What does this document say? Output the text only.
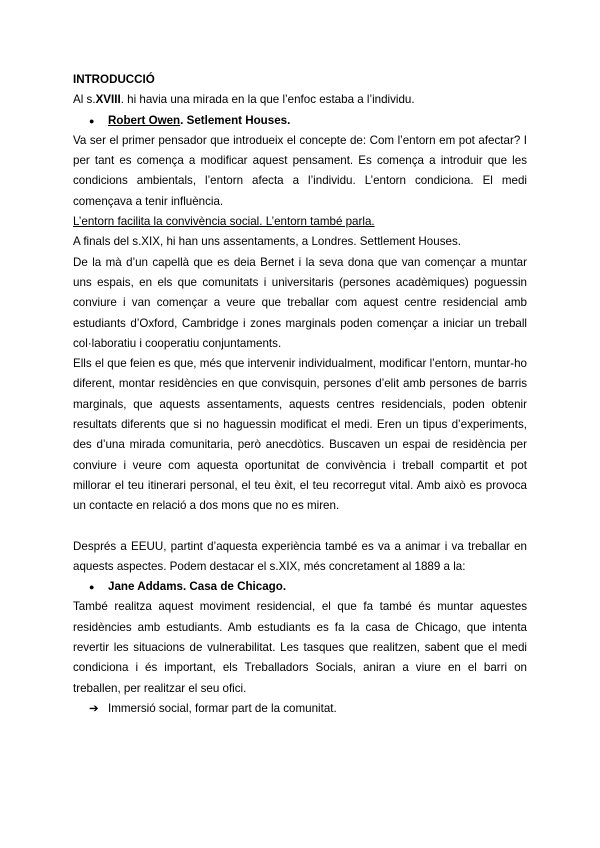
INTRODUCCIÓ

Al s.XVIII. hi havia una mirada en la que l’enfoc estaba a l’individu.

● Robert Owen. Setlement Houses.

Va ser el primer pensador que introdueix el concepte de: Com l’entorn em pot afectar? I per tant es comença a modificar aquest pensament. Es comença a introduir que les condicions ambientals, l’entorn afecta a l’individu. L’entorn condiciona. El medi començava a tenir influència.

L’entorn facilita la convivència social. L’entorn també parla.

A finals del s.XIX, hi han uns assentaments, a Londres. Settlement Houses.

De la mà d’un capellà que es deia Bernet i la seva dona que van començar a muntar uns espais, en els que comunitats i universitaris (persones acadèmiques) poguessin conviure i van començar a veure que treballar com aquest centre residencial amb estudiants d’Oxford, Cambridge i zones marginals poden començar a iniciar un treball col·laboratiu i cooperatiu conjuntaments.

Ells el que feien es que, més que intervenir individualment, modificar l’entorn, muntar-ho diferent, montar residències en que convisquin, persones d’elit amb persones de barris marginals, que aquests assentaments, aquests centres residencials, poden obtenir resultats diferents que si no haguessin modificat el medi. Eren un tipus d’experiments, des d’una mirada comunitaria, però anecdòtics. Buscaven un espai de residència per conviure i veure com aquesta oportunitat de convivència i treball compartit et pot millorar el teu itinerari personal, el teu èxit, el teu recorregut vital. Amb això es provoca un contacte en relació a dos mons que no es miren.

Després a EEUU, partint d’aquesta experiència també es va a animar i va treballar en aquests aspectes. Podem destacar el s.XIX, més concretament al 1889 a la:

● Jane Addams. Casa de Chicago.

També realitza aquest moviment residencial, el que fa també és muntar aquestes residències amb estudiants. Amb estudiants es fa la casa de Chicago, que intenta revertir les situacions de vulnerabilitat. Les tasques que realitzen, sabent que el medi condiciona i és important, els Treballadors Socials, aniran a viure en el barri on treballen, per realitzar el seu ofici.

➔ Immersió social, formar part de la comunitat.
